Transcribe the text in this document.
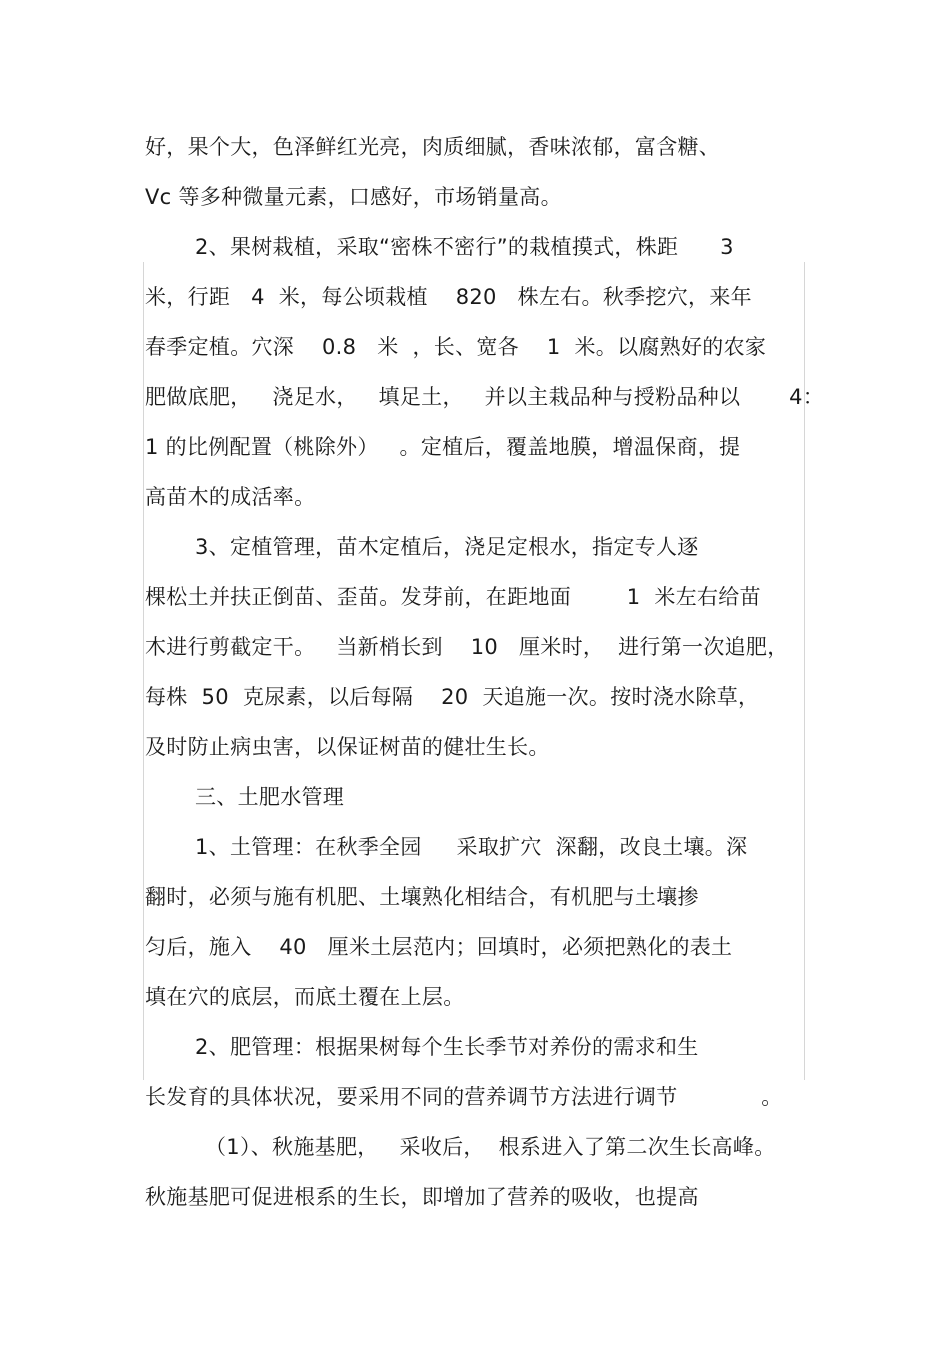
好，果个大，色泽鲜红光亮，肉质细腻，香味浓郁，富含糖、
Vc 等多种微量元素，口感好，市场销量高。
2、果树栽植，采取“密株不密行”的栽植摸式，株距      3
米，行距   4  米，每公顷栽植    820   株左右。秋季挖穴，来年
春季定植。穴深    0.8   米  ，长、宽各    1  米。以腐熟好的农家
肥做底肥，   浇足水，   填足土，   并以主栽品种与授粉品种以       4：
1 的比例配置（桃除外）   。定植后，覆盖地膜，增温保商，提
高苗木的成活率。
3、定植管理，苗木定植后，浇足定根水，指定专人逐
棵松土并扶正倒苗、歪苗。发芽前，在距地面        1  米左右给苗
木进行剪截定干。   当新梢长到    10   厘米时，  进行第一次追肥，
每株  50  克尿素，以后每隔    20  天追施一次。按时浇水除草，
及时防止病虫害，以保证树苗的健壮生长。
三、土肥水管理
1、土管理：在秋季全园     采取扩穴  深翻，改良土壤。深
翻时，必须与施有机肥、土壤熟化相结合，有机肥与土壤掺
匀后，施入    40   厘米土层范内；回填时，必须把熟化的表土
填在穴的底层，而底土覆在上层。
2、肥管理：根据果树每个生长季节对养份的需求和生
长发育的具体状况，要采用不同的营养调节方法进行调节            。
（1）、秋施基肥，   采收后，  根系进入了第二次生长高峰。
秋施基肥可促进根系的生长，即增加了营养的吸收，也提高
